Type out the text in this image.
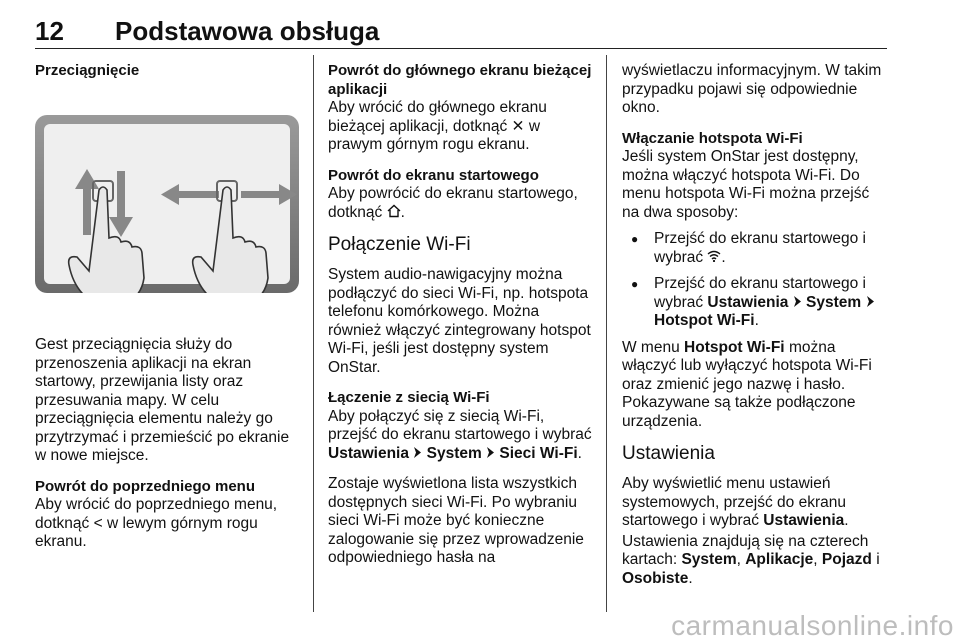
12 Podstawowa obsługa
Przeciągnięcie

Gest przeciągnięcia służy do przenoszenia aplikacji na ekran startowy, przewijania listy oraz przesuwania mapy. W celu przeciągnięcia elementu należy go przytrzymać i przemieścić po ekranie w nowe miejsce.

Powrót do poprzedniego menu

Aby wrócić do poprzedniego menu, dotknąć < w lewym górnym rogu ekranu.

Powrót do głównego ekranu bieżącej aplikacji

Aby wrócić do głównego ekranu bieżącej aplikacji, dotknąć ✕ w prawym górnym rogu ekranu.

Powrót do ekranu startowego

Aby powrócić do ekranu startowego, dotknąć .

Połączenie Wi-Fi

System audio-nawigacyjny można podłączyć do sieci Wi-Fi, np. hotspota telefonu komórkowego. Można również włączyć zintegrowany hotspot Wi-Fi, jeśli jest dostępny system OnStar.

Łączenie z siecią Wi-Fi

Aby połączyć się z siecią Wi-Fi, przejść do ekranu startowego i wybrać Ustawienia System Sieci Wi-Fi.

Zostaje wyświetlona lista wszystkich dostępnych sieci Wi-Fi. Po wybraniu sieci Wi-Fi może być konieczne zalogowanie się przez wprowadzenie odpowiedniego hasła na

wyświetlaczu informacyjnym. W takim przypadku pojawi się odpowiednie okno.

Włączanie hotspota Wi-Fi

Jeśli system OnStar jest dostępny, można włączyć hotspota Wi-Fi. Do menu hotspota Wi-Fi można przejść na dwa sposoby:

● Przejść do ekranu startowego i wybrać .
● Przejść do ekranu startowego i wybrać Ustawienia System  Hotspot Wi-Fi.

W menu Hotspot Wi-Fi można włączyć lub wyłączyć hotspota Wi-Fi oraz zmienić jego nazwę i hasło. Pokazywane są także podłączone urządzenia.

Ustawienia

Aby wyświetlić menu ustawień systemowych, przejść do ekranu startowego i wybrać Ustawienia.

Ustawienia znajdują się na czterech kartach: System, Aplikacje, Pojazd i Osobiste.

carmanualsonline.info
